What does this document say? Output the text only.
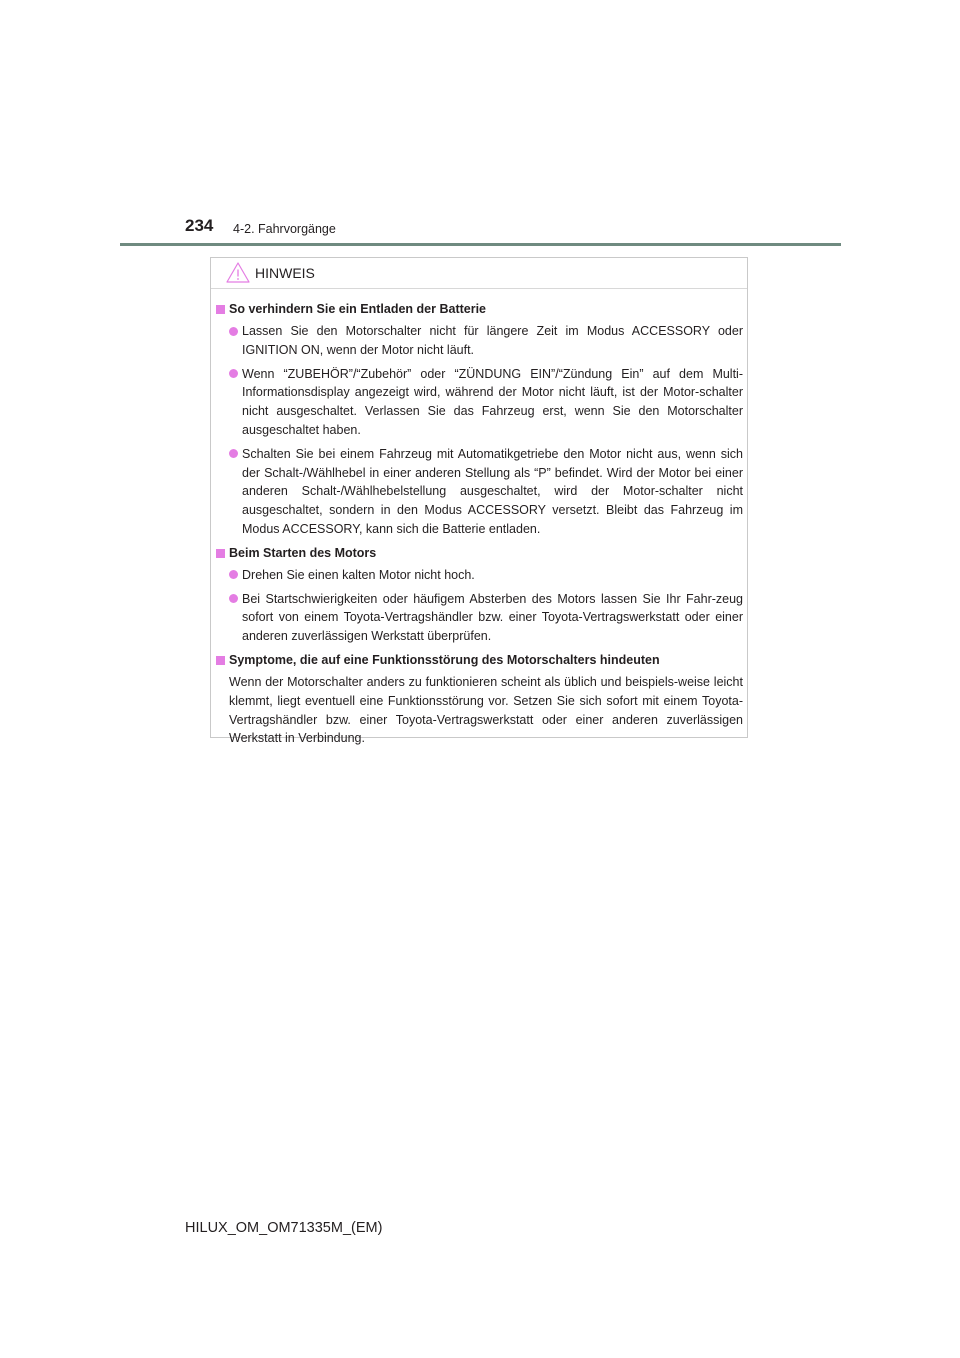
234 4-2. Fahrvorgänge
HINWEIS
So verhindern Sie ein Entladen der Batterie
Lassen Sie den Motorschalter nicht für längere Zeit im Modus ACCESSORY oder IGNITION ON, wenn der Motor nicht läuft.
Wenn “ZUBEHÖR”/“Zubehör” oder “ZÜNDUNG EIN”/“Zündung Ein” auf dem Multi-Informationsdisplay angezeigt wird, während der Motor nicht läuft, ist der Motor-schalter nicht ausgeschaltet. Verlassen Sie das Fahrzeug erst, wenn Sie den Motorschalter ausgeschaltet haben.
Schalten Sie bei einem Fahrzeug mit Automatikgetriebe den Motor nicht aus, wenn sich der Schalt-/Wählhebel in einer anderen Stellung als “P” befindet. Wird der Motor bei einer anderen Schalt-/Wählhebelstellung ausgeschaltet, wird der Motor-schalter nicht ausgeschaltet, sondern in den Modus ACCESSORY versetzt. Bleibt das Fahrzeug im Modus ACCESSORY, kann sich die Batterie entladen.
Beim Starten des Motors
Drehen Sie einen kalten Motor nicht hoch.
Bei Startschwierigkeiten oder häufigem Absterben des Motors lassen Sie Ihr Fahr-zeug sofort von einem Toyota-Vertragshändler bzw. einer Toyota-Vertragswerkstatt oder einer anderen zuverlässigen Werkstatt überprüfen.
Symptome, die auf eine Funktionsstörung des Motorschalters hindeuten
Wenn der Motorschalter anders zu funktionieren scheint als üblich und beispiels-weise leicht klemmt, liegt eventuell eine Funktionsstörung vor. Setzen Sie sich sofort mit einem Toyota-Vertragshändler bzw. einer Toyota-Vertragswerkstatt oder einer anderen zuverlässigen Werkstatt in Verbindung.
HILUX_OM_OM71335M_(EM)
